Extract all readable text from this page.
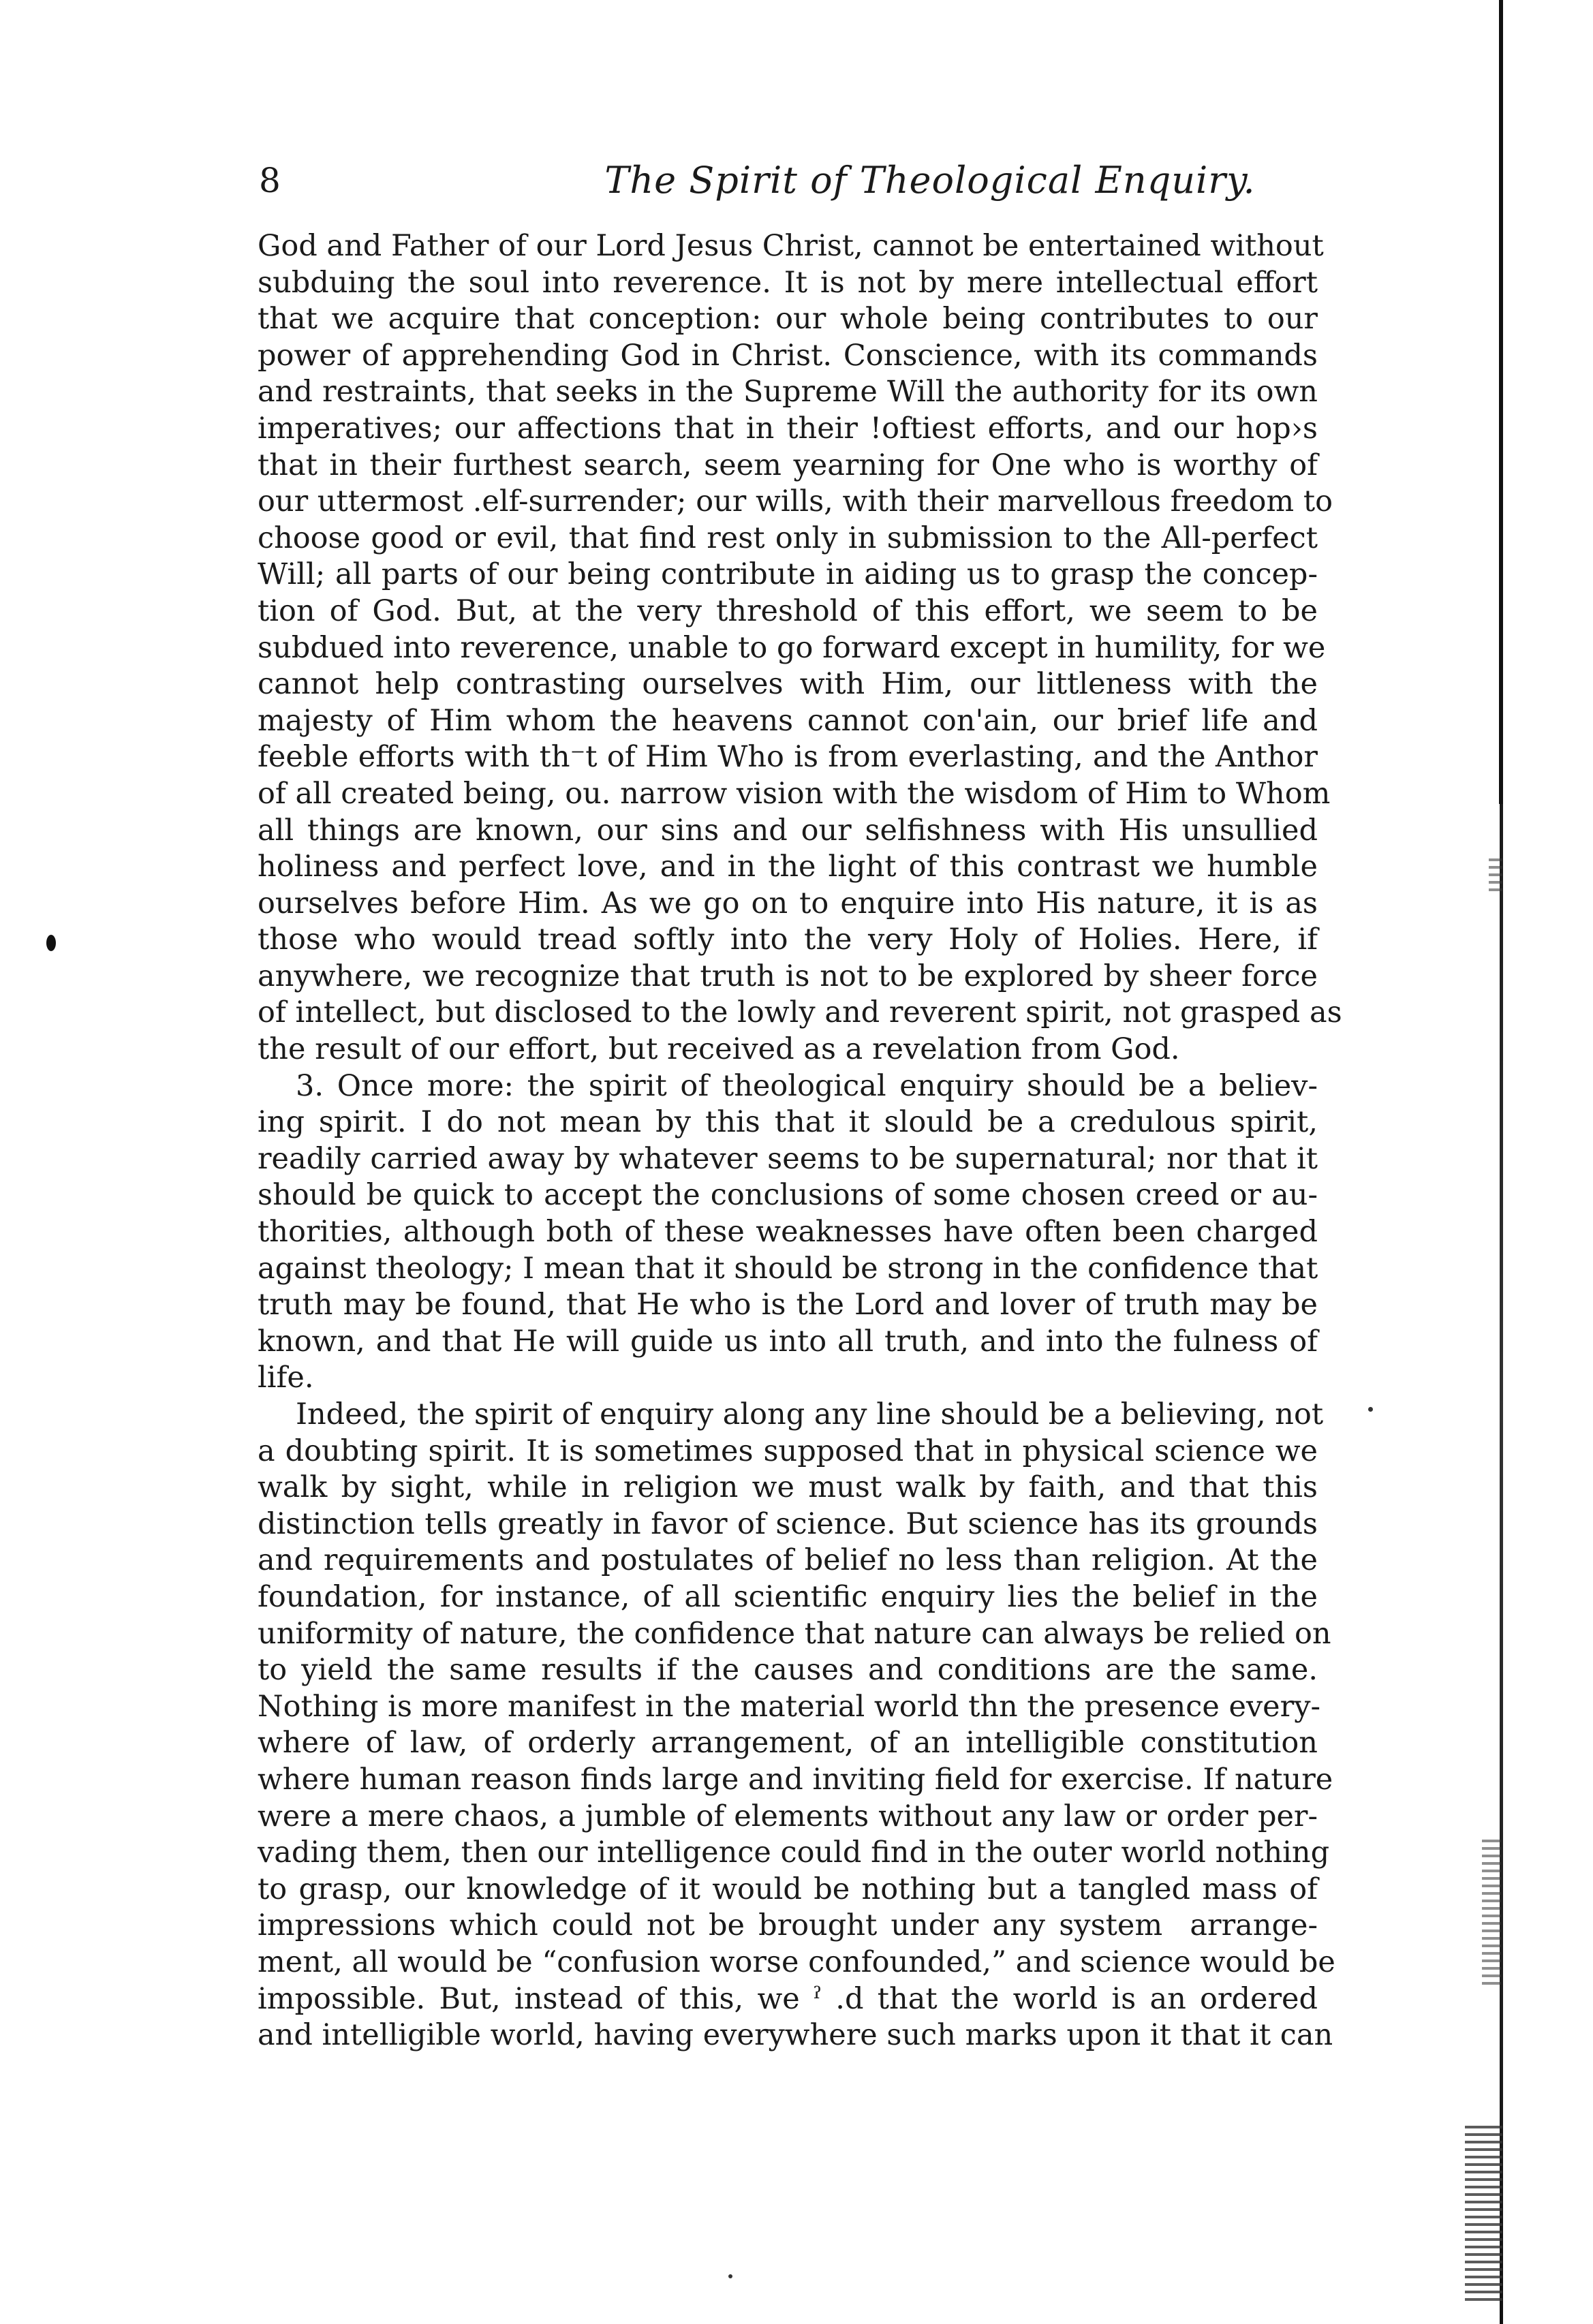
8	The Spirit of Theological Enquiry.
God and Father of our Lord Jesus Christ, cannot be entertained without
subduing the soul into reverence. It is not by mere intellectual effort
that we acquire that conception: our whole being contributes to our
power of apprehending God in Christ. Conscience, with its commands
and restraints, that seeks in the Supreme Will the authority for its own
imperatives; our affections that in their !oftiest efforts, and our hop⁠›s
that in their furthest search, seem yearning for One who is worthy of
our uttermost .elf-surrender; our wills, with their marvellous freedom to
choose good or evil, that find rest only in submission to the All-perfect
Will; all parts of our being contribute in aiding us to grasp the concep-
tion of God. But, at the very threshold of this effort, we seem to be
subdued into reverence, unable to go forward except in humility, for we
cannot help contrasting ourselves with Him, our littleness with the
majesty of Him whom the heavens cannot con'ain, our brief life and
feeble efforts with th⁻t of Him Who is from everlasting, and the Anthor
of all created being, ou. narrow vision with the wisdom of Him to Whom
all things are known, our sins and our selfishness with His unsullied
holiness and perfect love, and in the light of this contrast we humble
ourselves before Him. As we go on to enquire into His nature, it is as
those who would tread softly into the very Holy of Holies. Here, if
anywhere, we recognize that truth is not to be explored by sheer force
of intellect, but disclosed to the lowly and reverent spirit, not grasped as
the result of our effort, but received as a revelation from God.
3. Once more: the spirit of theological enquiry should be a believ-
ing spirit. I do not mean by this that it sl⁠ould be a credulous spirit,
readily carried away by whatever seems to be supernatural; nor that it
should be quick to accept the conclusions of some chosen creed or au-
thorities, although both of these weaknesses have often been charged
against theology; I mean that it should be strong in the confidence that
truth may be found, that He who is the Lord and lover of truth may be
known, and that He will guide us into all truth, and into the fulness of
life.
Indeed, the spirit of enquiry along any line should be a believing, not
a doubting spirit. It is sometimes supposed that in physical science we
walk by sight, while in religion we must walk by faith, and that this
distinction tells greatly in favor of science. But science has its grounds
and requirements and postulates of belief no less than religion. At the
foundation, for instance, of all scientific enquiry lies the belief in the
uniformity of nature, the confidence that nature can always be relied on
to yield the same results if the causes and conditions are the same.
Nothing is more manifest in the material world th⁠n the presence every-
where of law, of orderly arrangement, of an intelligible constitution
where human reason finds large and inviting field for exercise. If nature
were a mere chaos, a jumble of elements without any law or order per-
vading them, then our intelligence could find in the outer world nothing
to grasp, our knowledge of it would be nothing but a tangled mass of
impressions which could not be brought under any system ⁠ arrange-
ment, all would be “confusion worse confounded,” and science would be
impossible. But, instead of this, we ˀ .d that the world is an ordered
and intelligible world, having everywhere such marks upon it that it can
